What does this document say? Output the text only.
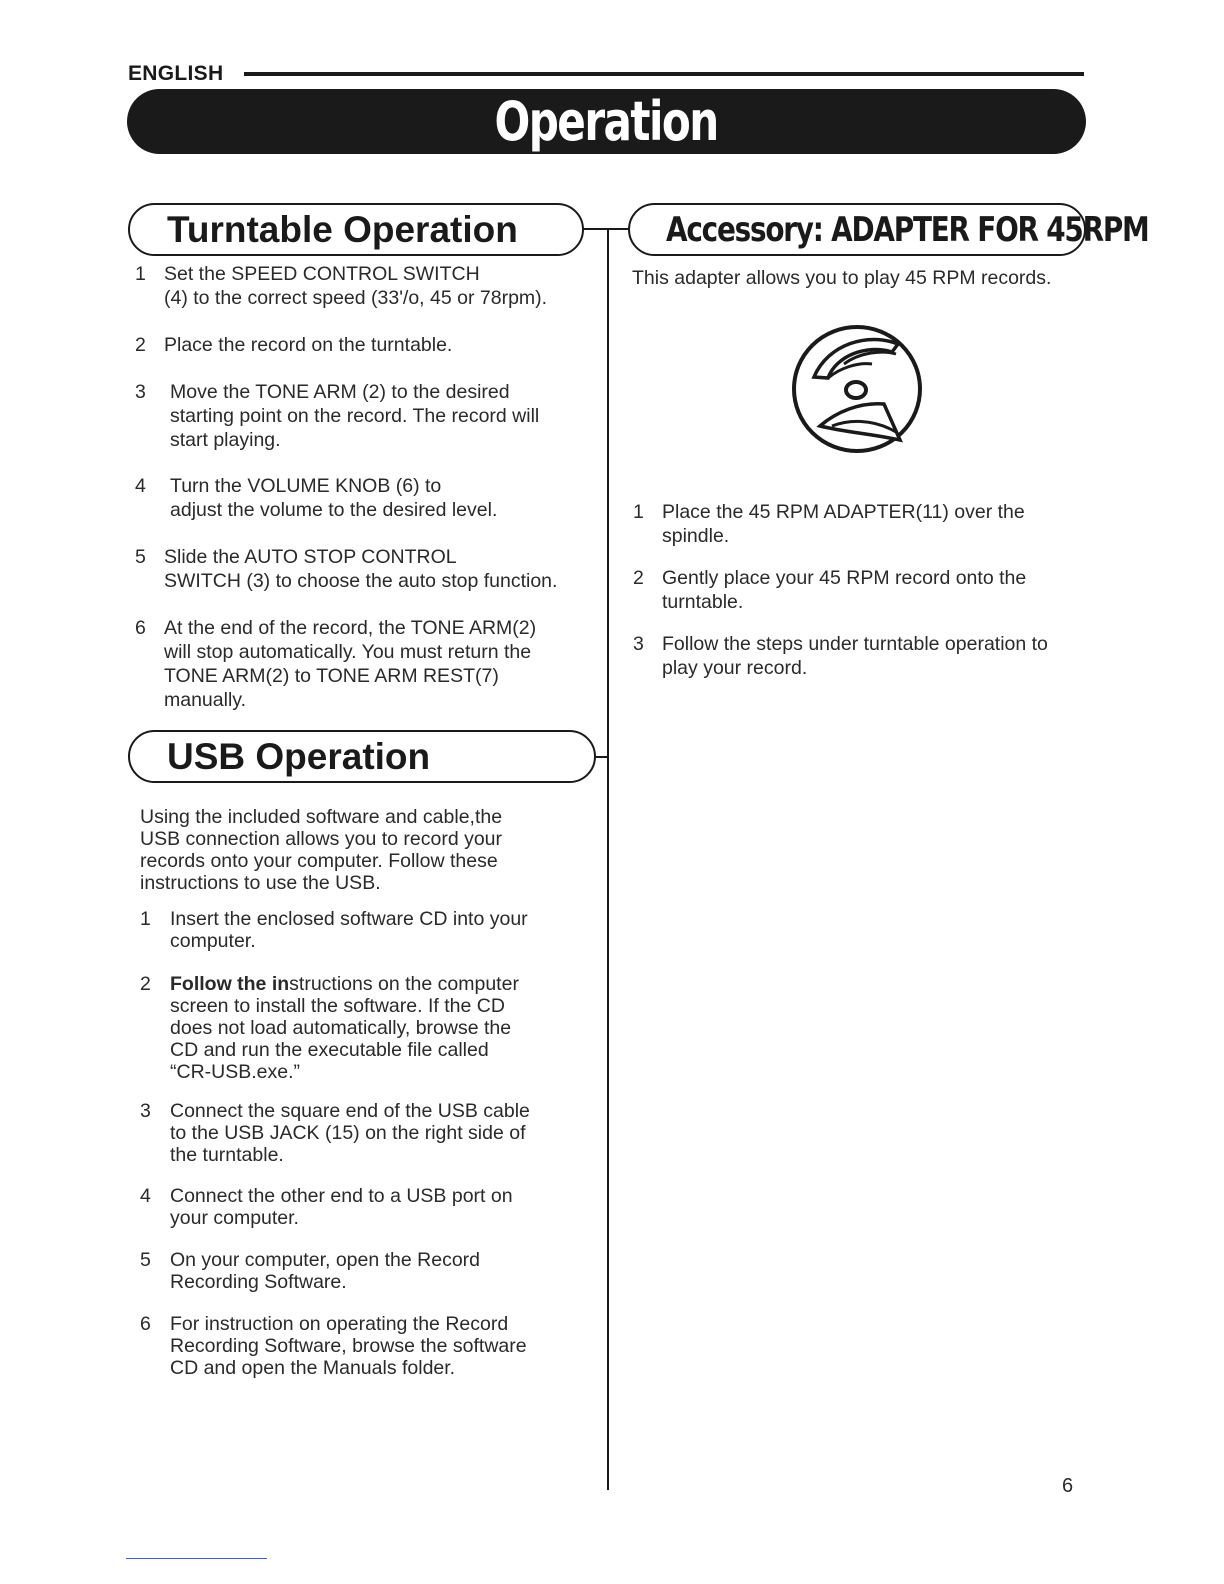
ENGLISH
Operation
Turntable Operation
1 Set the SPEED CONTROL SWITCH
(4) to the correct speed (33'/o, 45 or 78rpm).
2 Place the record on the turntable.
3 Move the TONE ARM (2) to the desired
starting point on the record. The record will
start playing.
4 Turn the VOLUME KNOB (6) to
adjust the volume to the desired level.
5 Slide the AUTO STOP CONTROL
SWITCH (3) to choose the auto stop function.
6 At the end of the record, the TONE ARM(2)
will stop automatically. You must return the
TONE ARM(2) to TONE ARM REST(7)
manually.
USB Operation
Using the included software and cable,the
USB connection allows you to record your
records onto your computer. Follow these
instructions to use the USB.
1 Insert the enclosed software CD into your
computer.
2 Follow the instructions on the computer
screen to install the software. If the CD
does not load automatically, browse the
CD and run the executable file called
“CR-USB.exe.”
3 Connect the square end of the USB cable
to the USB JACK (15) on the right side of
the turntable.
4 Connect the other end to a USB port on
your computer.
5 On your computer, open the Record
Recording Software.
6 For instruction on operating the Record
Recording Software, browse the software
CD and open the Manuals folder.
Accessory: ADAPTER FOR 45RPM
This adapter allows you to play 45 RPM records.
1 Place the 45 RPM ADAPTER(11) over the
spindle.
2 Gently place your 45 RPM record onto the
turntable.
3 Follow the steps under turntable operation to
play your record.
6
